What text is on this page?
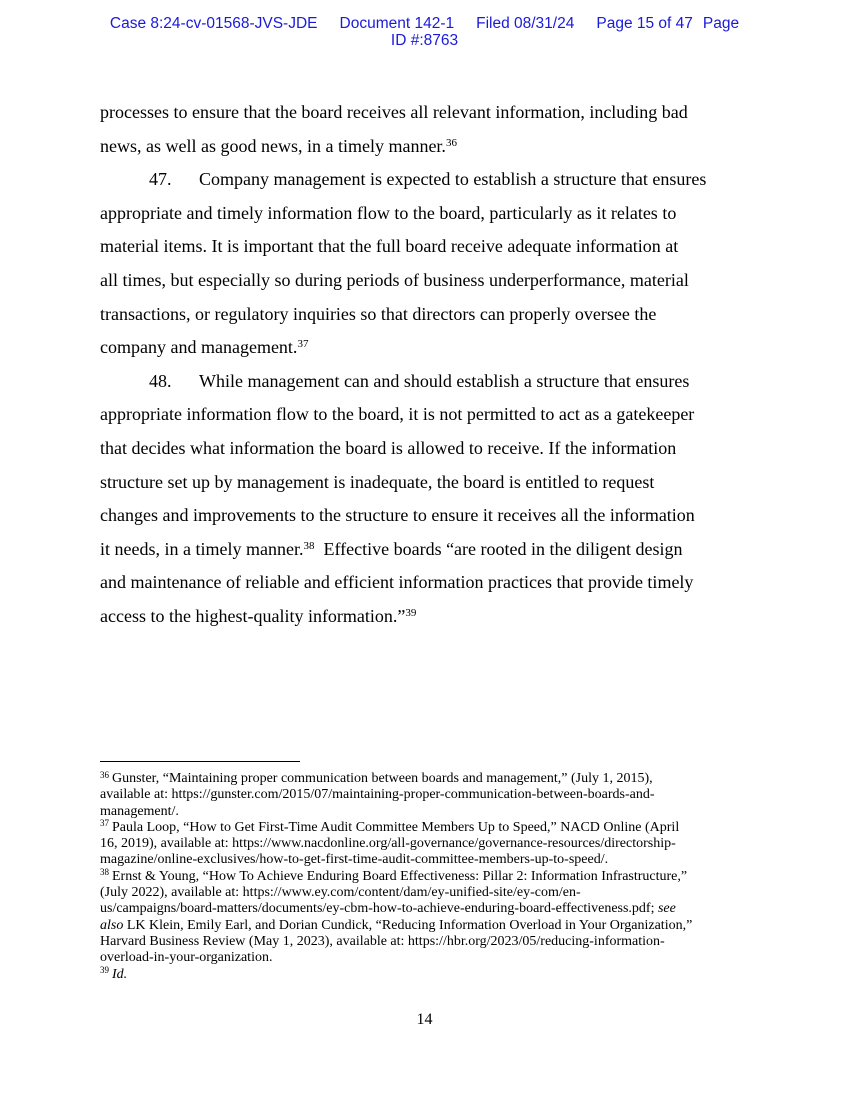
Case 8:24-cv-01568-JVS-JDE Document 142-1 Filed 08/31/24 Page 15 of 47 Page
ID #:8763

processes to ensure that the board receives all relevant information, including bad

news, as well as good news, in a timely manner.$^{36}$

47. Company management is expected to establish a structure that ensures

appropriate and timely information flow to the board, particularly as it relates to

material items. It is important that the full board receive adequate information at

all times, but especially so during periods of business underperformance, material

transactions, or regulatory inquiries so that directors can properly oversee the

company and management.$^{37}$

48. While management can and should establish a structure that ensures

appropriate information flow to the board, it is not permitted to act as a gatekeeper

that decides what information the board is allowed to receive. If the information

structure set up by management is inadequate, the board is entitled to request

changes and improvements to the structure to ensure it receives all the information

it needs, in a timely manner.$^{38}$  Effective boards “are rooted in the diligent design

and maintenance of reliable and efficient information practices that provide timely

access to the highest-quality information.”$^{39}$

$^{36}$ Gunster, “Maintaining proper communication between boards and management,” (July 1, 2015),
available at: https://gunster.com/2015/07/maintaining-proper-communication-between-boards-and-
management/.
$^{37}$ Paula Loop, “How to Get First-Time Audit Committee Members Up to Speed,” NACD Online (April
16, 2019), available at: https://www.nacdonline.org/all-governance/governance-resources/directorship-
magazine/online-exclusives/how-to-get-first-time-audit-committee-members-up-to-speed/.
$^{38}$ Ernst & Young, “How To Achieve Enduring Board Effectiveness: Pillar 2: Information Infrastructure,”
(July 2022), available at: https://www.ey.com/content/dam/ey-unified-site/ey-com/en-
us/campaigns/board-matters/documents/ey-cbm-how-to-achieve-enduring-board-effectiveness.pdf; see
also LK Klein, Emily Earl, and Dorian Cundick, “Reducing Information Overload in Your Organization,”
Harvard Business Review (May 1, 2023), available at: https://hbr.org/2023/05/reducing-information-
overload-in-your-organization.
$^{39}$ Id.
14
